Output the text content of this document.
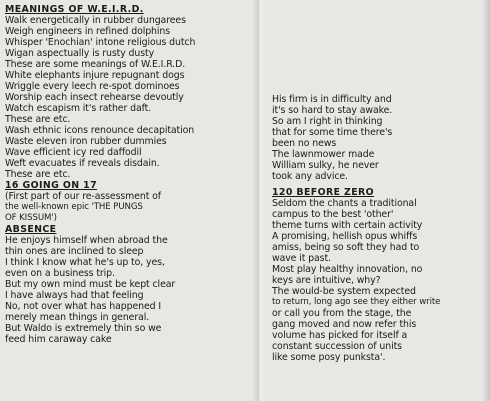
MEANINGS OF W.E.I.R.D.
Walk energetically in rubber dungarees
Weigh engineers in refined dolphins
Whisper 'Enochian' intone religious dutch
Wigan aspectually is rusty dusty
These are some meanings of W.E.I.R.D.
White elephants injure repugnant dogs
Wriggle every leech re-spot dominoes
Worship each insect rehearse devoutly
Watch escapism it's rather daft.
These are etc.
Wash ethnic icons renounce decapitation
Waste eleven iron rubber dummies
Wave efficient icy red daffodil
Weft evacuates if reveals disdain.
These are etc.
16 GOING ON 17
(First part of our re-assessment of
the well-known epic 'THE PUNGS
OF KISSUM')
ABSENCE
He enjoys himself when abroad the
thin ones are inclined to sleep
I think I know what he's up to, yes,
even on a business trip.
But my own mind must be kept clear
I have always had that feeling
No, not over what has happened I
merely mean things in general.
But Waldo is extremely thin so we
feed him caraway cake
His firm is in difficulty and
it's so hard to stay awake.
So am I right in thinking
that for some time there's
been no news
The lawnmower made
William sulky, he never
took any advice.
120 BEFORE ZERO
Seldom the chants a traditional
campus to the best 'other'
theme turns with certain activity
A promising, hellish opus whiffs
amiss, being so soft they had to
wave it past.
Most play healthy innovation, no
keys are intuitive, why?
The would-be system expected
to return, long ago see they either write
or call you from the stage, the
gang moved and now refer this
volume has picked for itself a
constant succession of units
like some posy punksta'.
